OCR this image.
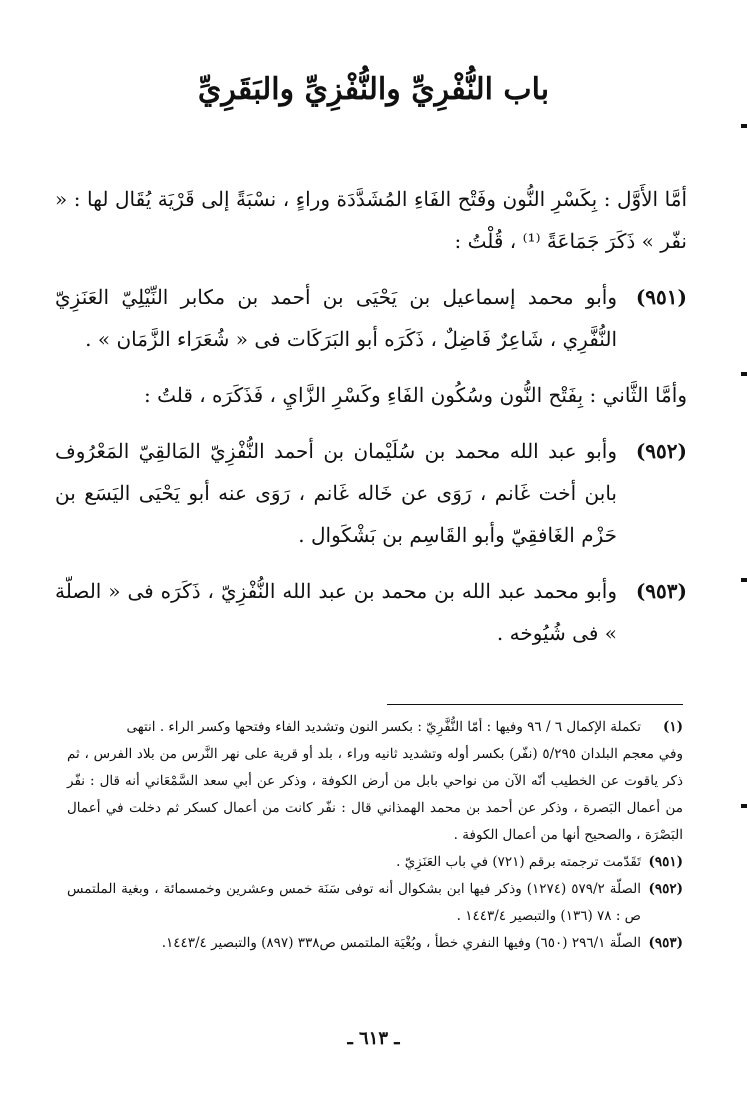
باب النُّفْرِيِّ والنُّفْزِيِّ والبَقَرِيِّ

أمَّا الأَوَّل : بِكَسْرِ النُّون وفَتْح الفَاءِ المُشَدَّدَة وراءٍ ، نسْبَةً إلى قَرْيَة يُقَال لها : « نفّر » ذَكَرَ جَمَاعَةً ⁽¹⁾ ، قُلْتُ :

(٩٥١)

وأبو محمد إسماعيل بن يَحْيَى بن أحمد بن مكابر النِّيْلِيّ العَنَزِيّ النُّفَّرِي ، شَاعِرٌ فَاضِلٌ ، ذَكَرَه أبو البَرَكَات فى « شُعَرَاء الزَّمَان » .

وأمَّا الثَّاني : بِفَتْح النُّون وسُكُون الفَاءِ وكَسْرِ الزَّايِ ، فَذَكَرَه ، قلتُ :

(٩٥٢)

وأبو عبد الله محمد بن سُلَيْمان بن أحمد النُّفْزِيّ المَالقِيّ المَعْرُوف بابن أخت غَانم ، رَوَى عن خَاله غَانم ، رَوَى عنه أبو يَحْيَى اليَسَع بن حَزْم الغَافقِيّ وأبو القَاسِم بن بَشْكَوال .

(٩٥٣)

وأبو محمد عبد الله بن محمد بن عبد الله النُّفْزِيّ ، ذَكَرَه فى « الصلّة » فى شُيُوخه .

(١)

تكملة الإكمال ٦ / ٩٦ وفيها : أمّا النُّفَّرِيّ : بكسر النون وتشديد الفاء وفتحها وكسر الراء . انتهى

وفي معجم البلدان ٥/٢٩٥ (نفّر) بكسر أوله وتشديد ثانيه وراء ، بلد أو قرية على نهر النَّرس من بلاد الفرس ، ثم ذكر ياقوت عن الخطيب أنّه الآن من نواحي بابل من أرض الكوفة ، وذكر عن أبي سعد السَّمْعَاني أنه قال : نفّر من أعمال البَصرة ، وذكر عن أحمد بن محمد الهمذاني قال : نفّر كانت من أعمال كسكر ثم دخلت في أعمال البَصْرَة ، والصحيح أنها من أعمال الكوفة .

(٩٥١)

تَقَدّمت ترجمته برقم (٧٢١) في باب العَنَزِيّ .

(٩٥٢)

الصلّة ٥٧٩/٢ (١٢٧٤) وذكر فيها ابن بشكوال أنه توفى سَنَة خمس وعشرين وخمسمائة ، وبغية الملتمس ص : ٧٨ (١٣٦) والتبصير ١٤٤٣/٤ .

(٩٥٣)

الصلّة ٢٩٦/١ (٦٥٠) وفيها النفري خطأ ، وبُغْيَة الملتمس ص٣٣٨ (٨٩٧) والتبصير ١٤٤٣/٤.

ـ ٦١٣ ـ
